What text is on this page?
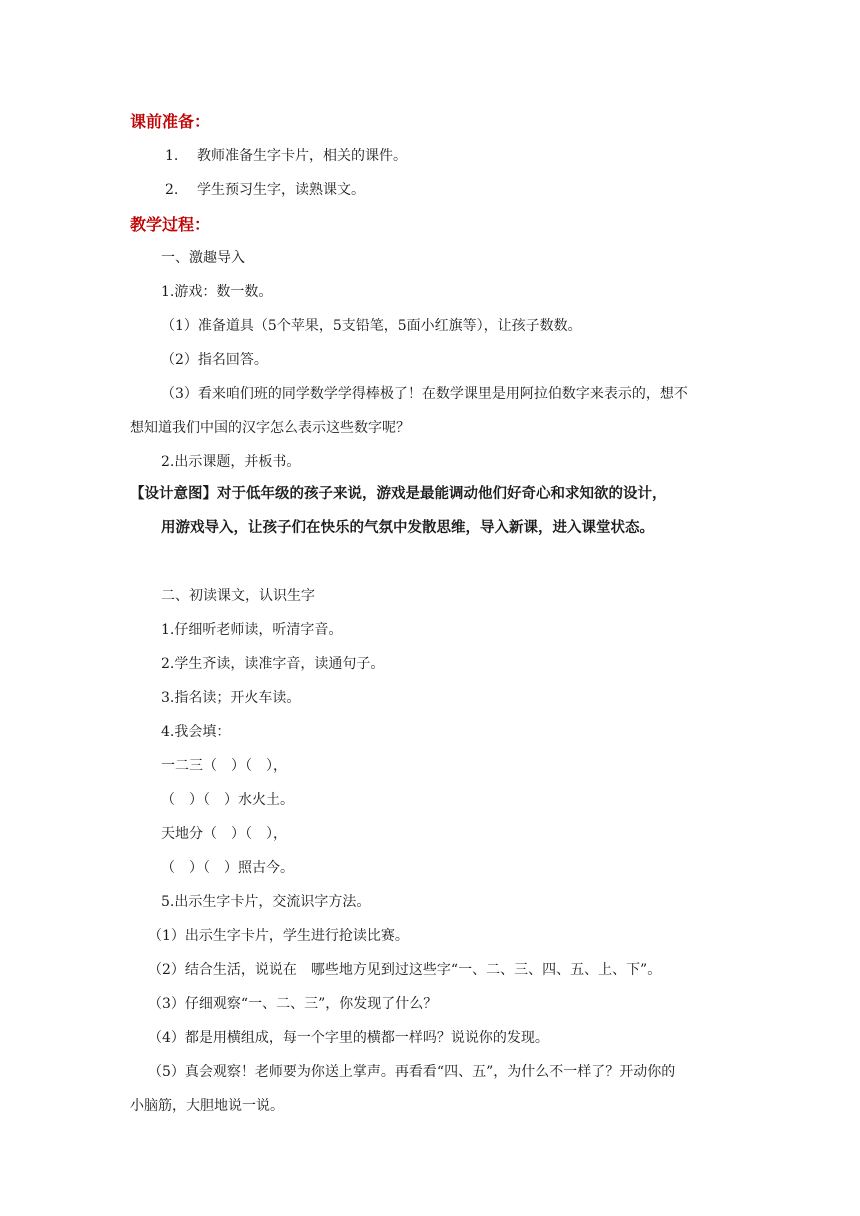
课前准备：
1. 教师准备生字卡片，相关的课件。
2. 学生预习生字，读熟课文。
教学过程：
一、激趣导入
1.游戏：数一数。
（1）准备道具（5个苹果，5支铅笔，5面小红旗等），让孩子数数。
（2）指名回答。
（3）看来咱们班的同学数学学得棒极了！在数学课里是用阿拉伯数字来表示的，想不
想知道我们中国的汉字怎么表示这些数字呢？
2.出示课题，并板书。
【设计意图】对于低年级的孩子来说，游戏是最能调动他们好奇心和求知欲的设计，
用游戏导入，让孩子们在快乐的气氛中发散思维，导入新课，进入课堂状态。
二、初读课文，认识生字
1.仔细听老师读，听清字音。
2.学生齐读，读准字音，读通句子。
3.指名读；开火车读。
4.我会填：
一二三（　）（　），
（　）（　）水火土。
天地分（　）（　），
（　）（　）照古今。
5.出示生字卡片，交流识字方法。
（1）出示生字卡片，学生进行抢读比赛。
（2）结合生活，说说在　哪些地方见到过这些字“一、二、三、四、五、上、下”。
（3）仔细观察“一、二、三”，你发现了什么？
（4）都是用横组成，每一个字里的横都一样吗？说说你的发现。
（5）真会观察！老师要为你送上掌声。再看看“四、五”，为什么不一样了？开动你的
小脑筋，大胆地说一说。
